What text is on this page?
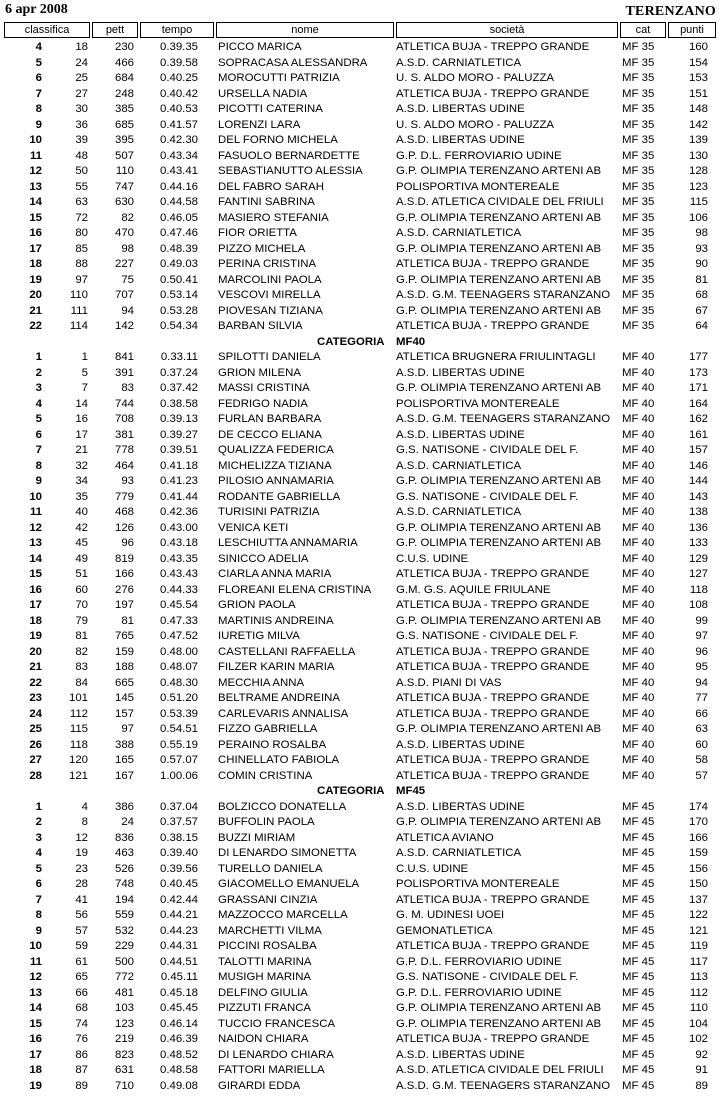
6 apr 2008	TERENZANO
classifica	pett	tempo	nome	società	cat	punti
4	18	230	0.39.35 PICCO MARICA	ATLETICA BUJA - TREPPO GRANDE	MF 35	160
5	24	466	0.39.58 SOPRACASA ALESSANDRA	A.S.D. CARNIATLETICA	MF 35	154
6	25	684	0.40.25 MOROCUTTI PATRIZIA	U. S. ALDO MORO - PALUZZA	MF 35	153
7	27	248	0.40.42 URSELLA NADIA	ATLETICA BUJA - TREPPO GRANDE	MF 35	151
8	30	385	0.40.53 PICOTTI CATERINA	A.S.D. LIBERTAS UDINE	MF 35	148
9	36	685	0.41.57 LORENZI LARA	U. S. ALDO MORO - PALUZZA	MF 35	142
10	39	395	0.42.30 DEL FORNO MICHELA	A.S.D. LIBERTAS UDINE	MF 35	139
11	48	507	0.43.34 FASUOLO BERNARDETTE	G.P. D.L. FERROVIARIO UDINE	MF 35	130
12	50	110	0.43.41 SEBASTIANUTTO ALESSIA	G.P. OLIMPIA TERENZANO ARTENI AB	MF 35	128
13	55	747	0.44.16 DEL FABRO SARAH	POLISPORTIVA MONTEREALE	MF 35	123
14	63	630	0.44.58 FANTINI SABRINA	A.S.D. ATLETICA CIVIDALE DEL FRIULI	MF 35	115
15	72	82	0.46.05 MASIERO STEFANIA	G.P. OLIMPIA TERENZANO ARTENI AB	MF 35	106
16	80	470	0.47.46 FIOR ORIETTA	A.S.D. CARNIATLETICA	MF 35	98
17	85	98	0.48.39 PIZZO MICHELA	G.P. OLIMPIA TERENZANO ARTENI AB	MF 35	93
18	88	227	0.49.03 PERINA CRISTINA	ATLETICA BUJA - TREPPO GRANDE	MF 35	90
19	97	75	0.50.41 MARCOLINI PAOLA	G.P. OLIMPIA TERENZANO ARTENI AB	MF 35	81
20	110	707	0.53.14 VESCOVI MIRELLA	A.S.D. G.M. TEENAGERS STARANZANO	MF 35	68
21	111	94	0.53.28 PIOVESAN TIZIANA	G.P. OLIMPIA TERENZANO ARTENI AB	MF 35	67
22	114	142	0.54.34 BARBAN SILVIA	ATLETICA BUJA - TREPPO GRANDE	MF 35	64
CATEGORIA MF40
1	1	841	0.33.11 SPILOTTI DANIELA	ATLETICA BRUGNERA FRIULINTAGLI	MF 40	177
2	5	391	0.37.24 GRION MILENA	A.S.D. LIBERTAS UDINE	MF 40	173
3	7	83	0.37.42 MASSI CRISTINA	G.P. OLIMPIA TERENZANO ARTENI AB	MF 40	171
4	14	744	0.38.58 FEDRIGO NADIA	POLISPORTIVA MONTEREALE	MF 40	164
5	16	708	0.39.13 FURLAN BARBARA	A.S.D. G.M. TEENAGERS STARANZANO	MF 40	162
6	17	381	0.39.27 DE CECCO ELIANA	A.S.D. LIBERTAS UDINE	MF 40	161
7	21	778	0.39.51 QUALIZZA FEDERICA	G.S. NATISONE - CIVIDALE DEL F.	MF 40	157
8	32	464	0.41.18 MICHELIZZA TIZIANA	A.S.D. CARNIATLETICA	MF 40	146
9	34	93	0.41.23 PILOSIO ANNAMARIA	G.P. OLIMPIA TERENZANO ARTENI AB	MF 40	144
10	35	779	0.41.44 RODANTE GABRIELLA	G.S. NATISONE - CIVIDALE DEL F.	MF 40	143
11	40	468	0.42.36 TURISINI PATRIZIA	A.S.D. CARNIATLETICA	MF 40	138
12	42	126	0.43.00 VENICA KETI	G.P. OLIMPIA TERENZANO ARTENI AB	MF 40	136
13	45	96	0.43.18 LESCHIUTTA ANNAMARIA	G.P. OLIMPIA TERENZANO ARTENI AB	MF 40	133
14	49	819	0.43.35 SINICCO ADELIA	C.U.S. UDINE	MF 40	129
15	51	166	0.43.43 CIARLA ANNA MARIA	ATLETICA BUJA - TREPPO GRANDE	MF 40	127
16	60	276	0.44.33 FLOREANI ELENA CRISTINA	G.M. G.S. AQUILE FRIULANE	MF 40	118
17	70	197	0.45.54 GRION PAOLA	ATLETICA BUJA - TREPPO GRANDE	MF 40	108
18	79	81	0.47.33 MARTINIS ANDREINA	G.P. OLIMPIA TERENZANO ARTENI AB	MF 40	99
19	81	765	0.47.52 IURETIG MILVA	G.S. NATISONE - CIVIDALE DEL F.	MF 40	97
20	82	159	0.48.00 CASTELLANI RAFFAELLA	ATLETICA BUJA - TREPPO GRANDE	MF 40	96
21	83	188	0.48.07 FILZER KARIN MARIA	ATLETICA BUJA - TREPPO GRANDE	MF 40	95
22	84	665	0.48.30 MECCHIA ANNA	A.S.D. PIANI DI VAS	MF 40	94
23	101	145	0.51.20 BELTRAME ANDREINA	ATLETICA BUJA - TREPPO GRANDE	MF 40	77
24	112	157	0.53.39 CARLEVARIS ANNALISA	ATLETICA BUJA - TREPPO GRANDE	MF 40	66
25	115	97	0.54.51 FIZZO GABRIELLA	G.P. OLIMPIA TERENZANO ARTENI AB	MF 40	63
26	118	388	0.55.19 PERAINO ROSALBA	A.S.D. LIBERTAS UDINE	MF 40	60
27	120	165	0.57.07 CHINELLATO FABIOLA	ATLETICA BUJA - TREPPO GRANDE	MF 40	58
28	121	167	1.00.06 COMIN CRISTINA	ATLETICA BUJA - TREPPO GRANDE	MF 40	57
CATEGORIA MF45
1	4	386	0.37.04 BOLZICCO DONATELLA	A.S.D. LIBERTAS UDINE	MF 45	174
2	8	24	0.37.57 BUFFOLIN PAOLA	G.P. OLIMPIA TERENZANO ARTENI AB	MF 45	170
3	12	836	0.38.15 BUZZI MIRIAM	ATLETICA AVIANO	MF 45	166
4	19	463	0.39.40 DI LENARDO SIMONETTA	A.S.D. CARNIATLETICA	MF 45	159
5	23	526	0.39.56 TURELLO DANIELA	C.U.S. UDINE	MF 45	156
6	28	748	0.40.45 GIACOMELLO EMANUELA	POLISPORTIVA MONTEREALE	MF 45	150
7	41	194	0.42.44 GRASSANI CINZIA	ATLETICA BUJA - TREPPO GRANDE	MF 45	137
8	56	559	0.44.21 MAZZOCCO MARCELLA	G. M. UDINESI UOEI	MF 45	122
9	57	532	0.44.23 MARCHETTI VILMA	GEMONATLETICA	MF 45	121
10	59	229	0.44.31 PICCINI ROSALBA	ATLETICA BUJA - TREPPO GRANDE	MF 45	119
11	61	500	0.44.51 TALOTTI MARINA	G.P. D.L. FERROVIARIO UDINE	MF 45	117
12	65	772	0.45.11 MUSIGH MARINA	G.S. NATISONE - CIVIDALE DEL F.	MF 45	113
13	66	481	0.45.18 DELFINO GIULIA	G.P. D.L. FERROVIARIO UDINE	MF 45	112
14	68	103	0.45.45 PIZZUTI FRANCA	G.P. OLIMPIA TERENZANO ARTENI AB	MF 45	110
15	74	123	0.46.14 TUCCIO FRANCESCA	G.P. OLIMPIA TERENZANO ARTENI AB	MF 45	104
16	76	219	0.46.39 NAIDON CHIARA	ATLETICA BUJA - TREPPO GRANDE	MF 45	102
17	86	823	0.48.52 DI LENARDO CHIARA	A.S.D. LIBERTAS UDINE	MF 45	92
18	87	631	0.48.58 FATTORI MARIELLA	A.S.D. ATLETICA CIVIDALE DEL FRIULI	MF 45	91
19	89	710	0.49.08 GIRARDI EDDA	A.S.D. G.M. TEENAGERS STARANZANO	MF 45	89
